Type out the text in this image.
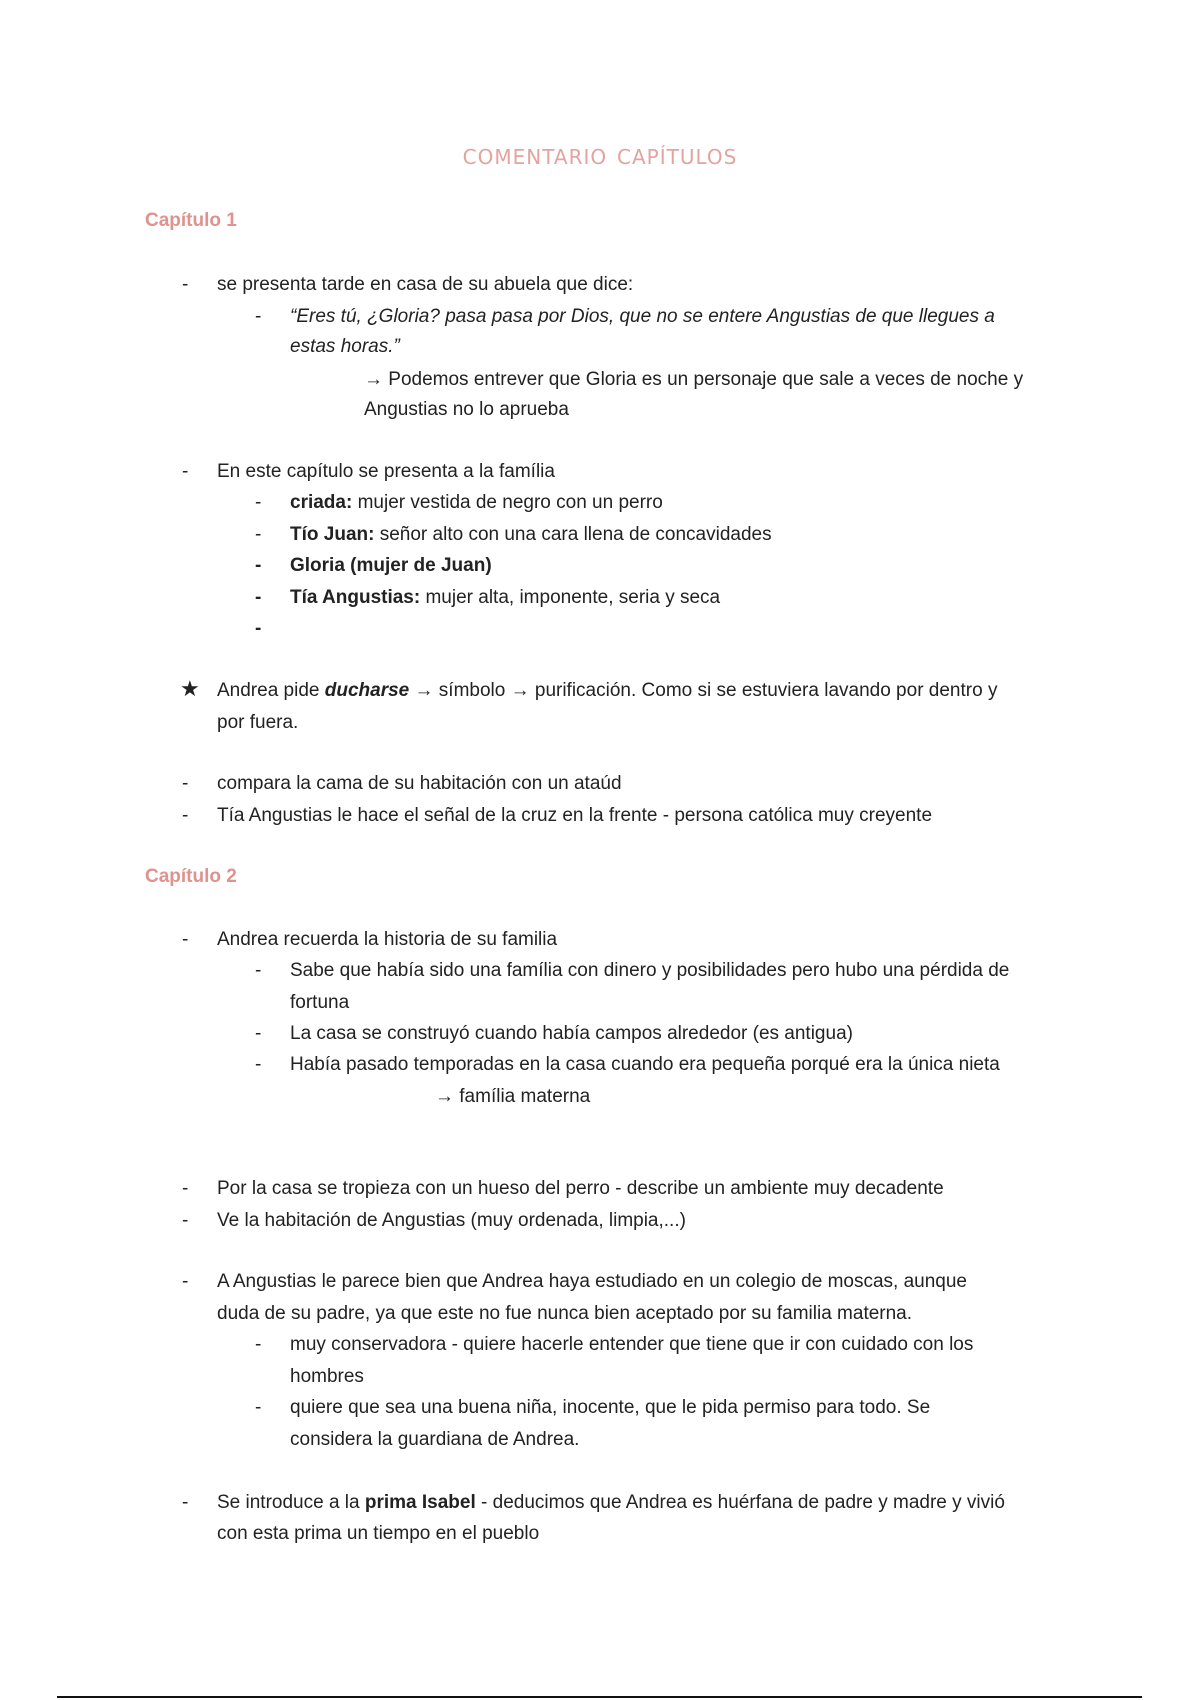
comentario capítulos
Capítulo 1
- se presenta tarde en casa de su abuela que dice:
- “Eres tú, ¿Gloria? pasa pasa por Dios, que no se entere Angustias de que llegues a
estas horas.”
→ Podemos entrever que Gloria es un personaje que sale a veces de noche y
Angustias no lo aprueba
- En este capítulo se presenta a la família
- criada: mujer vestida de negro con un perro
- Tío Juan: señor alto con una cara llena de concavidades
- Gloria (mujer de Juan)
- Tía Angustias: mujer alta, imponente, seria y seca
-
★ Andrea pide ducharse → símbolo → purificación. Como si se estuviera lavando por dentro y
por fuera.
- compara la cama de su habitación con un ataúd
- Tía Angustias le hace el señal de la cruz en la frente - persona católica muy creyente
Capítulo 2
- Andrea recuerda la historia de su familia
- Sabe que había sido una família con dinero y posibilidades pero hubo una pérdida de
fortuna
- La casa se construyó cuando había campos alrededor (es antigua)
- Había pasado temporadas en la casa cuando era pequeña porqué era la única nieta
→ família materna
- Por la casa se tropieza con un hueso del perro - describe un ambiente muy decadente
- Ve la habitación de Angustias (muy ordenada, limpia,...)
- A Angustias le parece bien que Andrea haya estudiado en un colegio de moscas, aunque
duda de su padre, ya que este no fue nunca bien aceptado por su familia materna.
- muy conservadora - quiere hacerle entender que tiene que ir con cuidado con los
hombres
- quiere que sea una buena niña, inocente, que le pida permiso para todo. Se
considera la guardiana de Andrea.
- Se introduce a la prima Isabel - deducimos que Andrea es huérfana de padre y madre y vivió
con esta prima un tiempo en el pueblo
